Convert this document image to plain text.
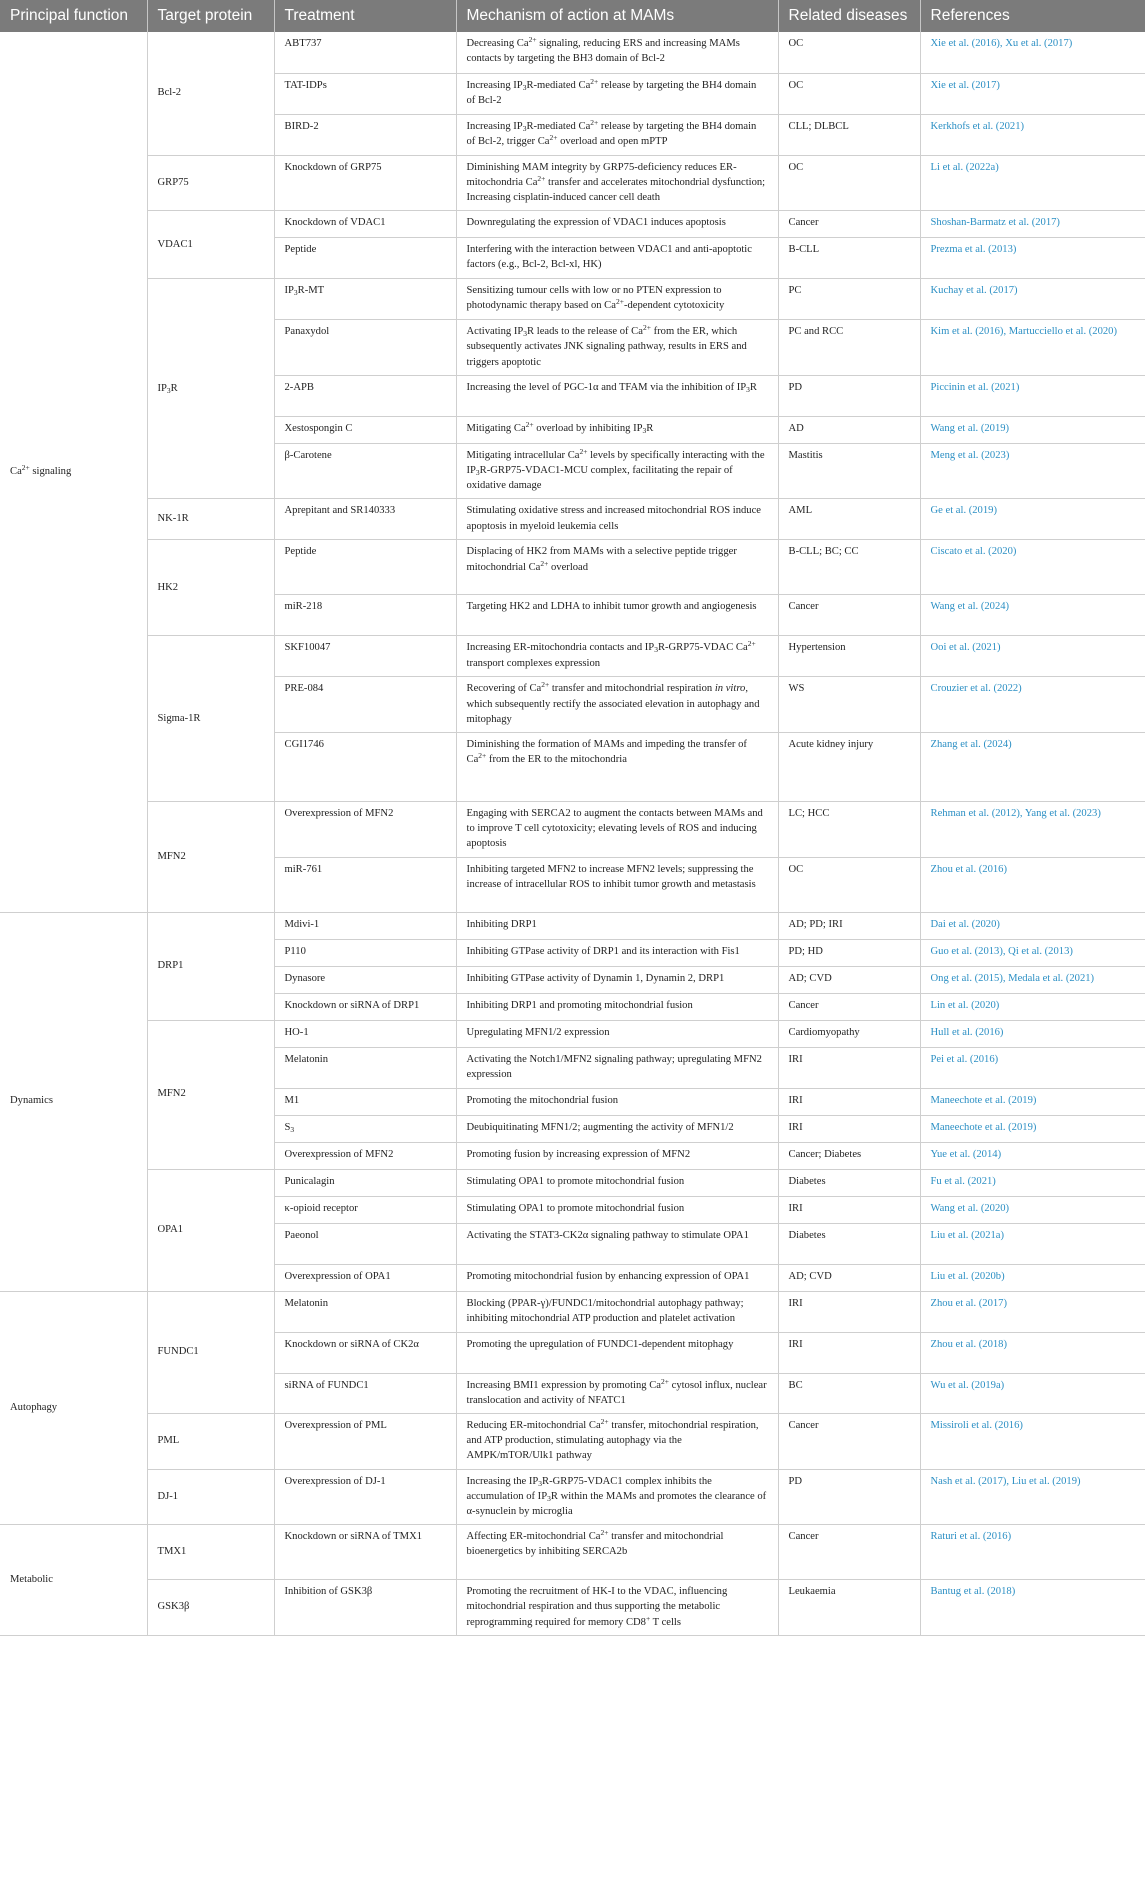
Principal function	Target protein	Treatment	Mechanism of action at MAMs	Related diseases	References
$Ca^{2+}$ signaling	Bcl-2	ABT737	Decreasing $Ca^{2+}$ signaling, reducing ERS and increasing MAMs contacts by targeting the BH3 domain of Bcl-2	OC	Xie et al. (2016), Xu et al. (2017)
		TAT-IDPs	Increasing $IP_3R$-mediated $Ca^{2+}$ release by targeting the BH4 domain of Bcl-2	OC	Xie et al. (2017)
		BIRD-2	Increasing $IP_3R$-mediated $Ca^{2+}$ release by targeting the BH4 domain of Bcl-2, trigger $Ca^{2+}$ overload and open mPTP	CLL; DLBCL	Kerkhofs et al. (2021)
	GRP75	Knockdown of GRP75	Diminishing MAM integrity by GRP75-deficiency reduces ER-mitochondria $Ca^{2+}$ transfer and accelerates mitochondrial dysfunction; Increasing cisplatin-induced cancer cell death	OC	Li et al. (2022a)
	VDAC1	Knockdown of VDAC1	Downregulating the expression of VDAC1 induces apoptosis	Cancer	Shoshan-Barmatz et al. (2017)
		Peptide	Interfering with the interaction between VDAC1 and anti-apoptotic factors (e.g., Bcl-2, Bcl-xl, HK)	B-CLL	Prezma et al. (2013)
	$IP_3R$	$IP_3R-MT$	Sensitizing tumour cells with low or no PTEN expression to photodynamic therapy based on $Ca^{2+}$-dependent cytotoxicity	PC	Kuchay et al. (2017)
		Panaxydol	Activating $IP_3R$ leads to the release of $Ca^{2+}$ from the ER, which subsequently activates JNK signaling pathway, results in ERS and triggers apoptotic	PC and RCC	Kim et al. (2016), Martucciello et al. (2020)
		2-APB	Increasing the level of PGC-1α and TFAM via the inhibition of $IP_3R$	PD	Piccinin et al. (2021)
		Xestospongin C	Mitigating $Ca^{2+}$ overload by inhibiting $IP_3R$	AD	Wang et al. (2019)
		β-Carotene	Mitigating intracellular $Ca^{2+}$ levels by specifically interacting with the $IP_3R-GRP75-VDAC1$-MCU complex, facilitating the repair of oxidative damage	Mastitis	Meng et al. (2023)
	NK-1R	Aprepitant and SR140333	Stimulating oxidative stress and increased mitochondrial ROS induce apoptosis in myeloid leukemia cells	AML	Ge et al. (2019)
	HK2	Peptide	Displacing of HK2 from MAMs with a selective peptide trigger mitochondrial $Ca^{2+}$ overload	B-CLL; BC; CC	Ciscato et al. (2020)
		miR-218	Targeting HK2 and LDHA to inhibit tumor growth and angiogenesis	Cancer	Wang et al. (2024)
	Sigma-1R	SKF10047	Increasing ER-mitochondria contacts and $IP_3R-GRP75$-VDAC $Ca^{2+}$ transport complexes expression	Hypertension	Ooi et al. (2021)
		PRE-084	Recovering of $Ca^{2+}$ transfer and mitochondrial respiration in vitro, which subsequently rectify the associated elevation in autophagy and mitophagy	WS	Crouzier et al. (2022)
		CGI1746	Diminishing the formation of MAMs and impeding the transfer of $Ca^{2+}$ from the ER to the mitochondria	Acute kidney injury	Zhang et al. (2024)
	MFN2	Overexpression of MFN2	Engaging with SERCA2 to augment the contacts between MAMs and to improve T cell cytotoxicity; elevating levels of ROS and inducing apoptosis	LC; HCC	Rehman et al. (2012), Yang et al. (2023)
		miR-761	Inhibiting targeted MFN2 to increase MFN2 levels; suppressing the increase of intracellular ROS to inhibit tumor growth and metastasis	OC	Zhou et al. (2016)
Dynamics	DRP1	Mdivi-1	Inhibiting DRP1	AD; PD; IRI	Dai et al. (2020)
		P110	Inhibiting GTPase activity of DRP1 and its interaction with Fis1	PD; HD	Guo et al. (2013), Qi et al. (2013)
		Dynasore	Inhibiting GTPase activity of Dynamin 1, Dynamin 2, DRP1	AD; CVD	Ong et al. (2015), Medala et al. (2021)
		Knockdown or siRNA of DRP1	Inhibiting DRP1 and promoting mitochondrial fusion	Cancer	Lin et al. (2020)
	MFN2	HO-1	Upregulating MFN1/2 expression	Cardiomyopathy	Hull et al. (2016)
		Melatonin	Activating the Notch1/MFN2 signaling pathway; upregulating MFN2 expression	IRI	Pei et al. (2016)
		M1	Promoting the mitochondrial fusion	IRI	Maneechote et al. (2019)
		$S_3$	Deubiquitinating MFN1/2; augmenting the activity of MFN1/2	IRI	Maneechote et al. (2019)
		Overexpression of MFN2	Promoting fusion by increasing expression of MFN2	Cancer; Diabetes	Yue et al. (2014)
	OPA1	Punicalagin	Stimulating OPA1 to promote mitochondrial fusion	Diabetes	Fu et al. (2021)
		κ-opioid receptor	Stimulating OPA1 to promote mitochondrial fusion	IRI	Wang et al. (2020)
		Paeonol	Activating the STAT3-CK2α signaling pathway to stimulate OPA1	Diabetes	Liu et al. (2021a)
		Overexpression of OPA1	Promoting mitochondrial fusion by enhancing expression of OPA1	AD; CVD	Liu et al. (2020b)
Autophagy	FUNDC1	Melatonin	Blocking (PPAR-γ)/FUNDC1/mitochondrial autophagy pathway; inhibiting mitochondrial ATP production and platelet activation	IRI	Zhou et al. (2017)
		Knockdown or siRNA of CK2α	Promoting the upregulation of FUNDC1-dependent mitophagy	IRI	Zhou et al. (2018)
		siRNA of FUNDC1	Increasing BMI1 expression by promoting $Ca^{2+}$ cytosol influx, nuclear translocation and activity of NFATC1	BC	Wu et al. (2019a)
	PML	Overexpression of PML	Reducing ER-mitochondrial $Ca^{2+}$ transfer, mitochondrial respiration, and ATP production, stimulating autophagy via the AMPK/mTOR/Ulk1 pathway	Cancer	Missiroli et al. (2016)
	DJ-1	Overexpression of DJ-1	Increasing the $IP_3R-GRP75-VDAC1$ complex inhibits the accumulation of $IP_3R$ within the MAMs and promotes the clearance of α-synuclein by microglia	PD	Nash et al. (2017), Liu et al. (2019)
Metabolic	TMX1	Knockdown or siRNA of TMX1	Affecting ER-mitochondrial $Ca^{2+}$ transfer and mitochondrial bioenergetics by inhibiting SERCA2b	Cancer	Raturi et al. (2016)
	GSK3β	Inhibition of GSK3β	Promoting the recruitment of HK-I to the VDAC, influencing mitochondrial respiration and thus supporting the metabolic reprogramming required for memory CD8+ T cells	Leukaemia	Bantug et al. (2018)
